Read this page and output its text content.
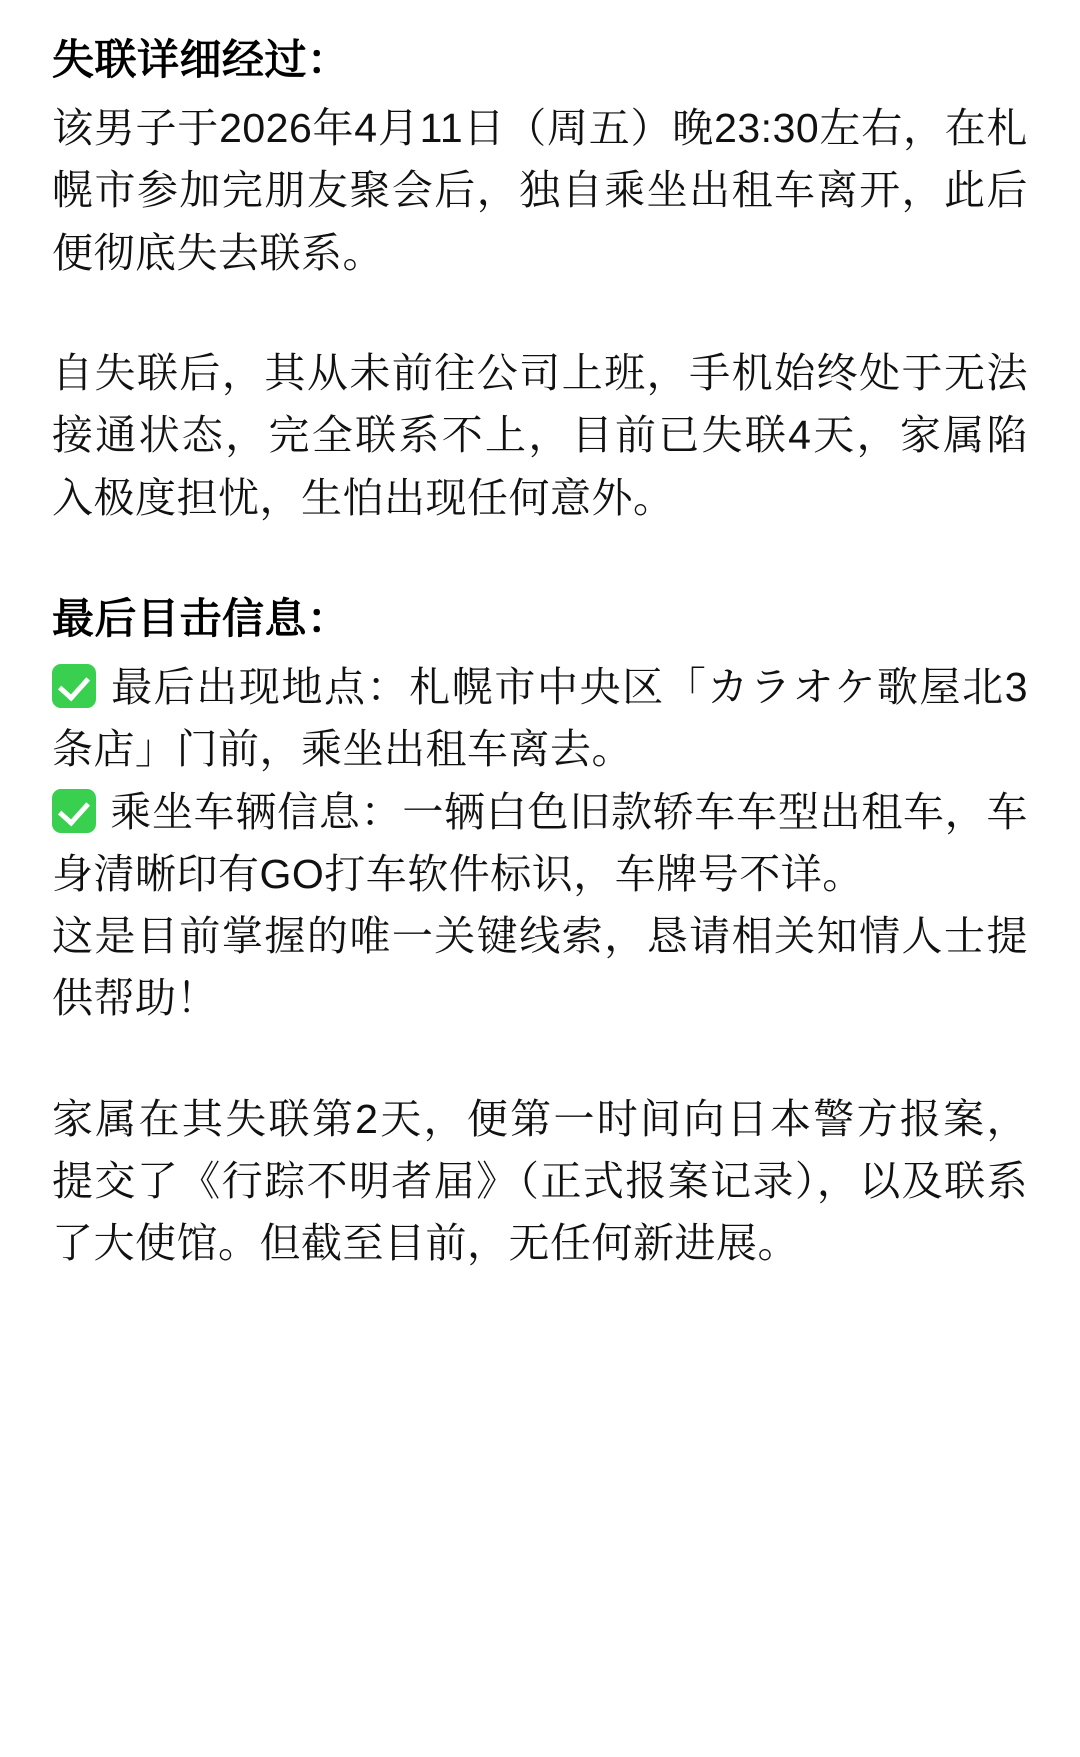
失联详细经过：

该男子于2026年4月11日（周五）晚23:30左右，在札幌市参加完朋友聚会后，独自乘坐出租车离开，此后便彻底失去联系。

自失联后，其从未前往公司上班，手机始终处于无法接通状态，完全联系不上，目前已失联4天，家属陷入极度担忧，生怕出现任何意外。

最后目击信息：

最后出现地点：札幌市中央区「カラオケ歌屋北3条店」门前，乘坐出租车离去。

乘坐车辆信息：一辆白色旧款轿车车型出租车，车身清晰印有GO打车软件标识，车牌号不详。

这是目前掌握的唯一关键线索，恳请相关知情人士提供帮助！

家属在其失联第2天，便第一时间向日本警方报案，提交了《行踪不明者届》（正式报案记录），以及联系了大使馆。但截至目前，无任何新进展。
